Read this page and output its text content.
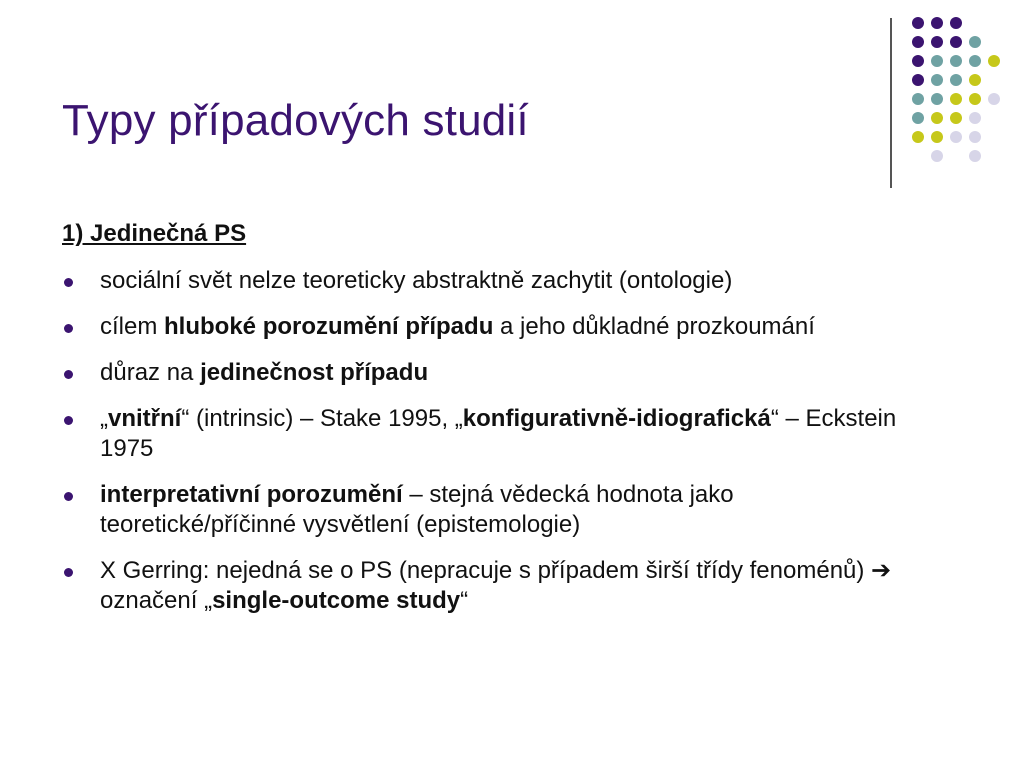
Typy případových studií
1) Jedinečná PS
sociální svět nelze teoreticky abstraktně zachytit (ontologie)
cílem hluboké porozumění případu a jeho důkladné prozkoumání
důraz na jedinečnost případu
„vnitřní“ (intrinsic) – Stake 1995, „konfigurativně-idiografická“ – Eckstein 1975
interpretativní porozumění – stejná vědecká hodnota jako teoretické/příčinné vysvětlení (epistemologie)
X Gerring: nejedná se o PS (nepracuje s případem širší třídy fenoménů) ➔ označení „single-outcome study“
